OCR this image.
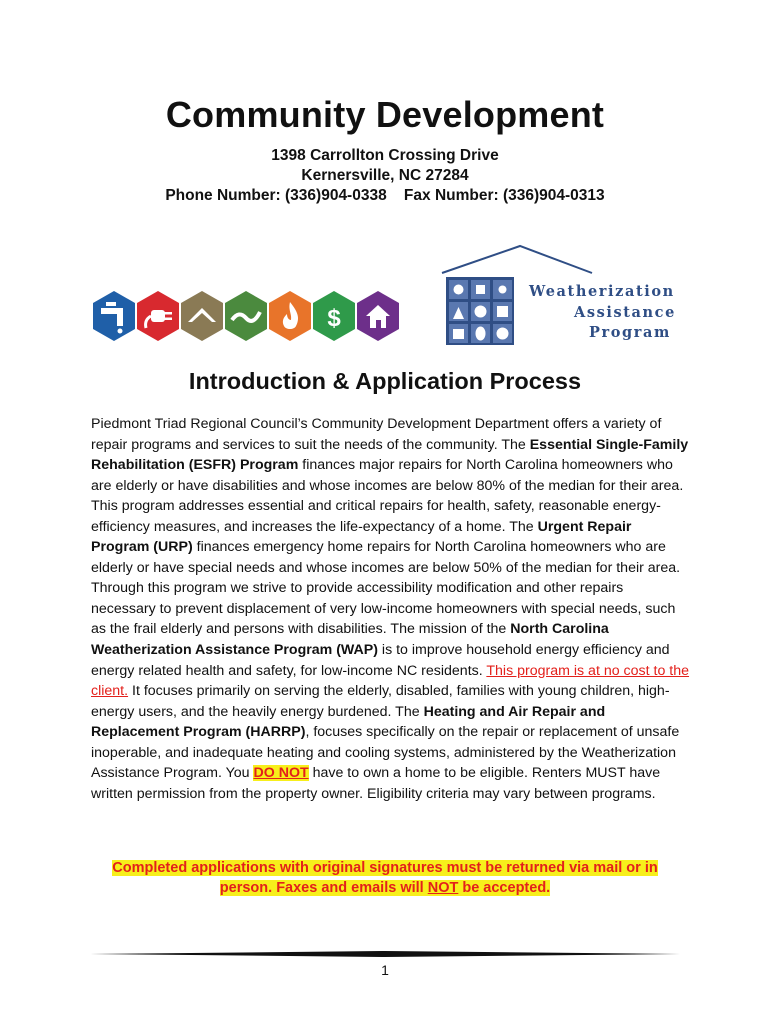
Community Development
1398 Carrollton Crossing Drive
Kernersville, NC 27284
Phone Number: (336)904-0338    Fax Number: (336)904-0313
$
Weatherization
Assistance
Program
Introduction & Application Process
Piedmont Triad Regional Council’s Community Development Department offers a variety of repair programs and services to suit the needs of the community. The Essential Single-Family Rehabilitation (ESFR) Program finances major repairs for North Carolina homeowners who are elderly or have disabilities and whose incomes are below 80% of the median for their area. This program addresses essential and critical repairs for health, safety, reasonable energy-efficiency measures, and increases the life-expectancy of a home. The Urgent Repair Program (URP) finances emergency home repairs for North Carolina homeowners who are elderly or have special needs and whose incomes are below 50% of the median for their area. Through this program we strive to provide accessibility modification and other repairs necessary to prevent displacement of very low-income homeowners with special needs, such as the frail elderly and persons with disabilities. The mission of the North Carolina Weatherization Assistance Program (WAP) is to improve household energy efficiency and energy related health and safety, for low-income NC residents. This program is at no cost to the client. It focuses primarily on serving the elderly, disabled, families with young children, high-energy users, and the heavily energy burdened. The Heating and Air Repair and Replacement Program (HARRP), focuses specifically on the repair or replacement of unsafe inoperable, and inadequate heating and cooling systems, administered by the Weatherization Assistance Program. You DO NOT have to own a home to be eligible. Renters MUST have written permission from the property owner. Eligibility criteria may vary between programs.
Completed applications with original signatures must be returned via mail or in person. Faxes and emails will NOT be accepted.
1
